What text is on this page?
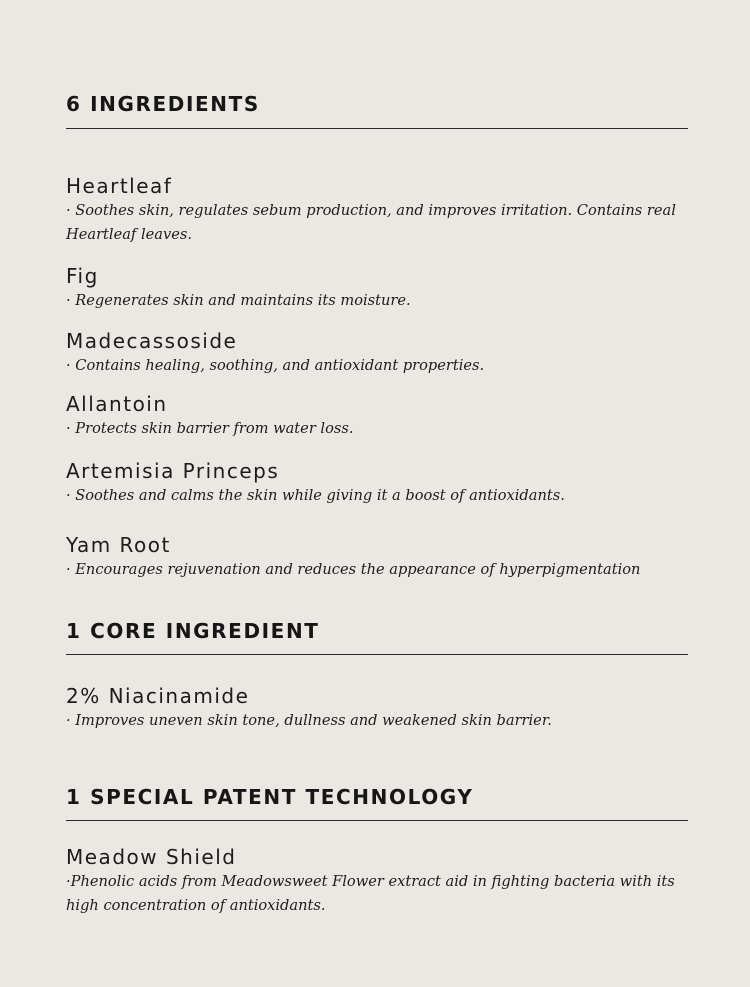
6 INGREDIENTS
Heartleaf
· Soothes skin, regulates sebum production, and improves irritation. Contains real Heartleaf leaves.
Fig
· Regenerates skin and maintains its moisture.
Madecassoside
· Contains healing, soothing, and antioxidant properties.
Allantoin
· Protects skin barrier from water loss.
Artemisia Princeps
· Soothes and calms the skin while giving it a boost of antioxidants.
Yam Root
· Encourages rejuvenation and reduces the appearance of hyperpigmentation
1 CORE INGREDIENT
2% Niacinamide
· Improves uneven skin tone, dullness and weakened skin barrier.
1 SPECIAL PATENT TECHNOLOGY
Meadow Shield
·Phenolic acids from Meadowsweet Flower extract aid in fighting bacteria with its high concentration of antioxidants.
